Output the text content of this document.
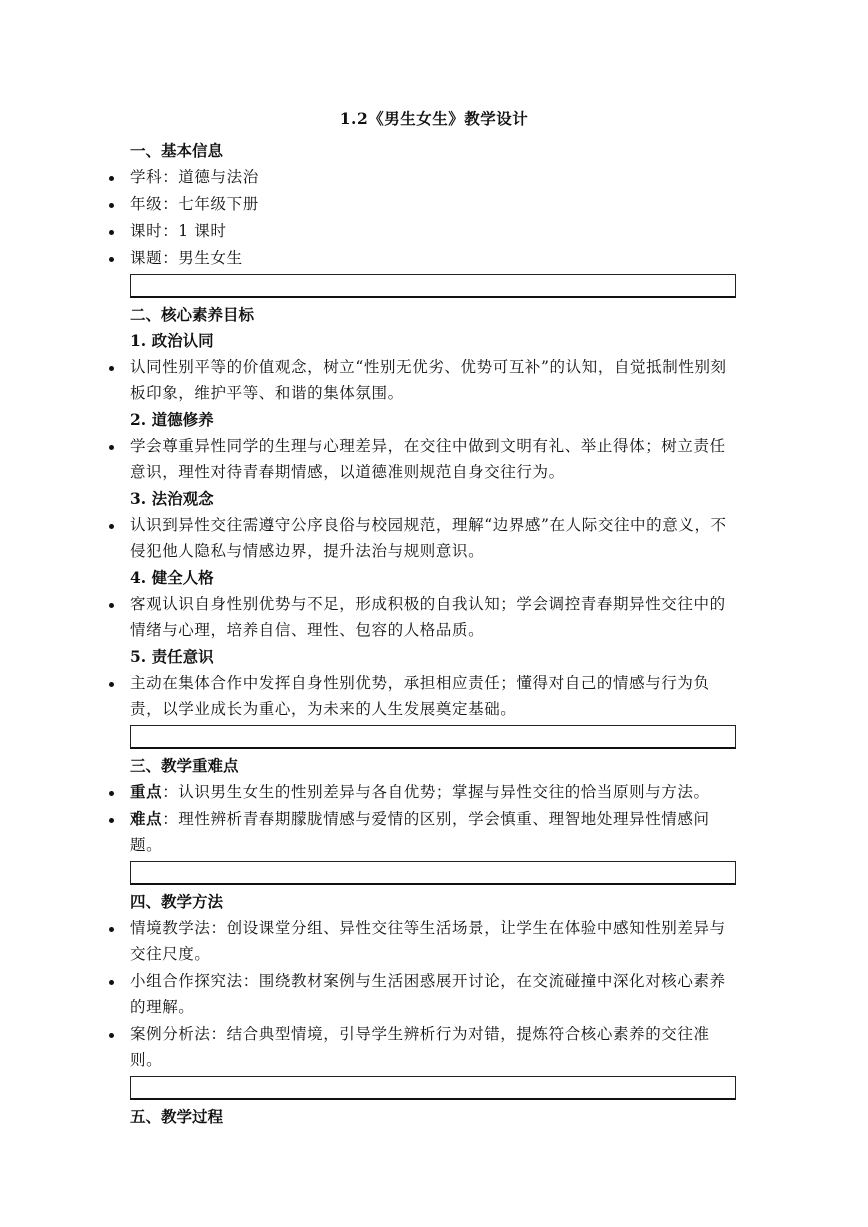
1.2《男生女生》教学设计
一、基本信息
学科：道德与法治
年级：七年级下册
课时：1 课时
课题：男生女生
二、核心素养目标
1. 政治认同
认同性别平等的价值观念，树立“性别无优劣、优势可互补”的认知，自觉抵制性别刻板印象，维护平等、和谐的集体氛围。
2. 道德修养
学会尊重异性同学的生理与心理差异，在交往中做到文明有礼、举止得体；树立责任意识，理性对待青春期情感，以道德准则规范自身交往行为。
3. 法治观念
认识到异性交往需遵守公序良俗与校园规范，理解“边界感”在人际交往中的意义，不侵犯他人隐私与情感边界，提升法治与规则意识。
4. 健全人格
客观认识自身性别优势与不足，形成积极的自我认知；学会调控青春期异性交往中的情绪与心理，培养自信、理性、包容的人格品质。
5. 责任意识
主动在集体合作中发挥自身性别优势，承担相应责任；懂得对自己的情感与行为负责，以学业成长为重心，为未来的人生发展奠定基础。
三、教学重难点
重点：认识男生女生的性别差异与各自优势；掌握与异性交往的恰当原则与方法。
难点：理性辨析青春期朦胧情感与爱情的区别，学会慎重、理智地处理异性情感问题。
四、教学方法
情境教学法：创设课堂分组、异性交往等生活场景，让学生在体验中感知性别差异与交往尺度。
小组合作探究法：围绕教材案例与生活困惑展开讨论，在交流碰撞中深化对核心素养的理解。
案例分析法：结合典型情境，引导学生辨析行为对错，提炼符合核心素养的交往准则。
五、教学过程
